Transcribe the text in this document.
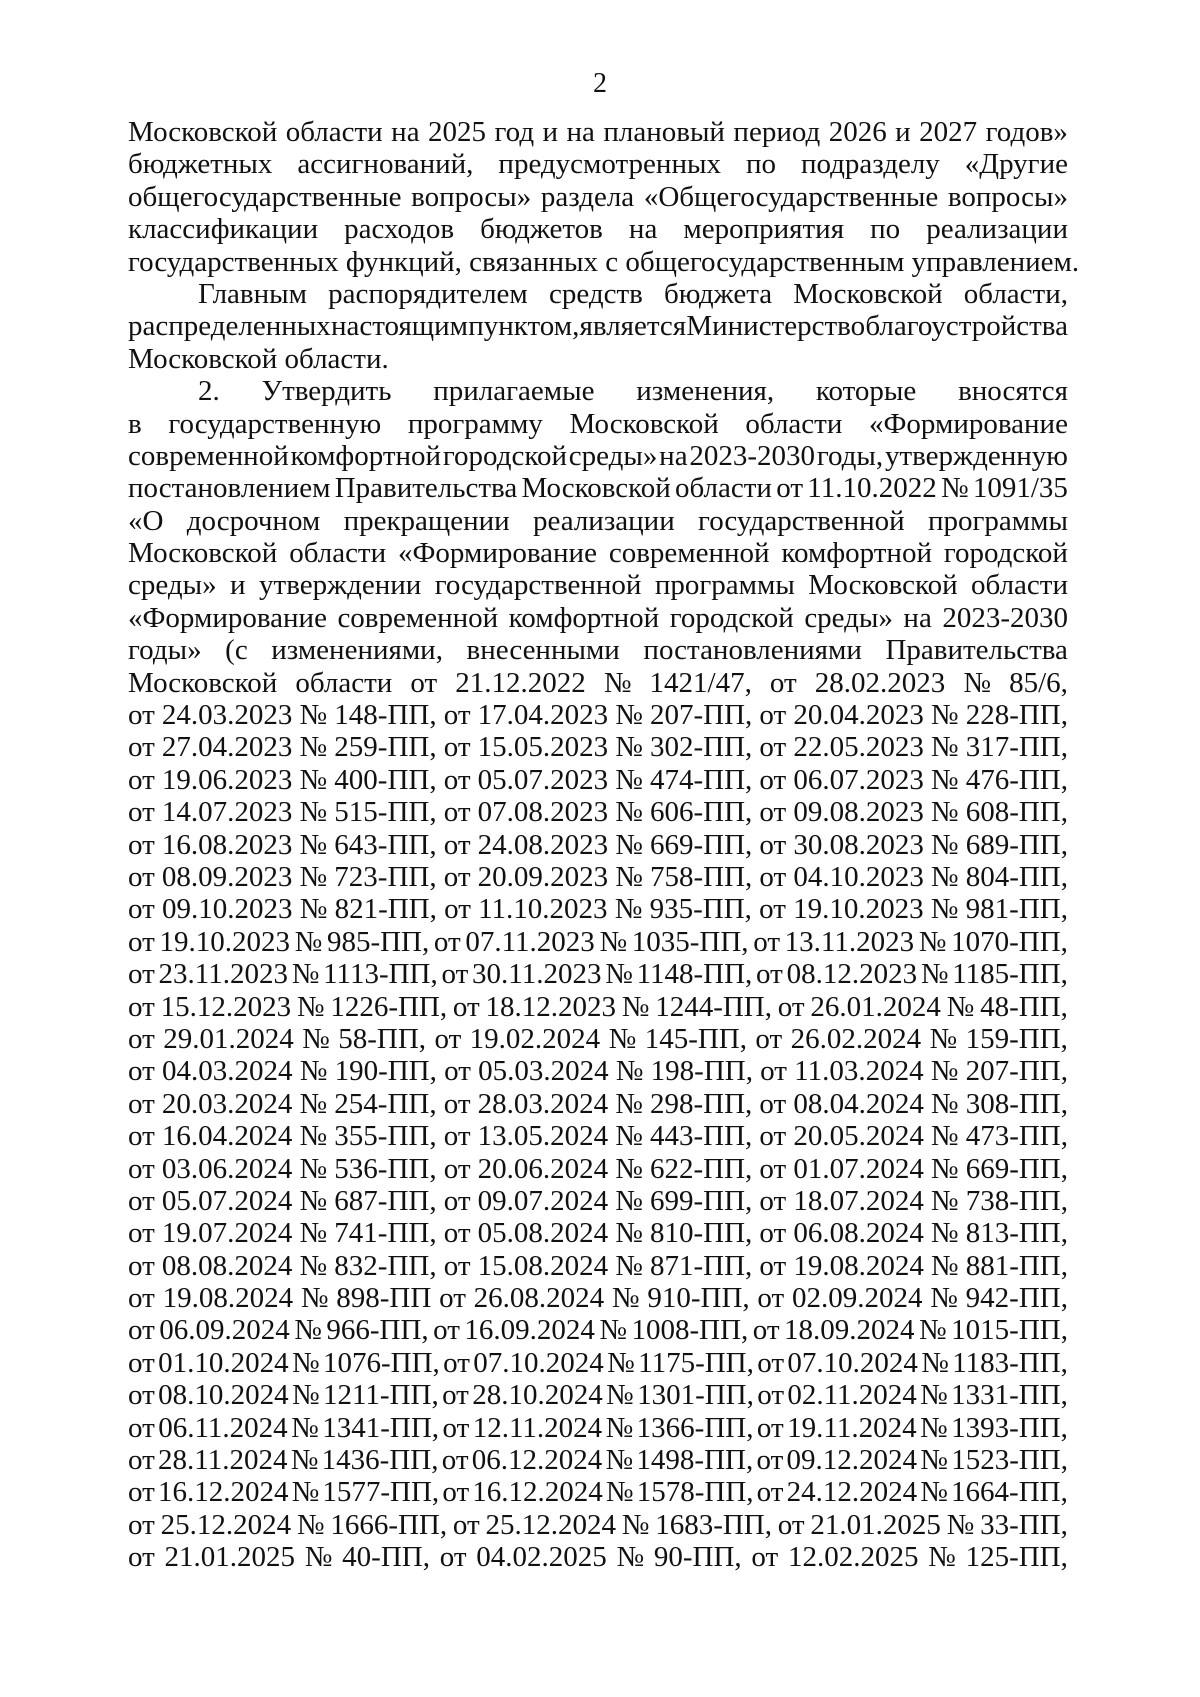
2
Московской области на 2025 год и на плановый период 2026 и 2027 годов»
бюджетных ассигнований, предусмотренных по подразделу «Другие
общегосударственные вопросы» раздела «Общегосударственные вопросы»
классификации расходов бюджетов на мероприятия по реализации
государственных функций, связанных с общегосударственным управлением.
Главным распорядителем средств бюджета Московской области,
распределенных настоящим пунктом, является Министерство благоустройства
Московской области.
2. Утвердить прилагаемые изменения, которые вносятся
в государственную программу Московской области «Формирование
современной комфортной городской среды» на 2023-2030 годы, утвержденную
постановлением Правительства Московской области от 11.10.2022 № 1091/35
«О досрочном прекращении реализации государственной программы
Московской области «Формирование современной комфортной городской
среды» и утверждении государственной программы Московской области
«Формирование современной комфортной городской среды» на 2023-2030
годы» (с изменениями, внесенными постановлениями Правительства
Московской области от 21.12.2022 № 1421/47, от 28.02.2023 № 85/6,
от 24.03.2023 № 148-ПП, от 17.04.2023 № 207-ПП, от 20.04.2023 № 228-ПП,
от 27.04.2023 № 259-ПП, от 15.05.2023 № 302-ПП, от 22.05.2023 № 317-ПП,
от 19.06.2023 № 400-ПП, от 05.07.2023 № 474-ПП, от 06.07.2023 № 476-ПП,
от 14.07.2023 № 515-ПП, от 07.08.2023 № 606-ПП, от 09.08.2023 № 608-ПП,
от 16.08.2023 № 643-ПП, от 24.08.2023 № 669-ПП, от 30.08.2023 № 689-ПП,
от 08.09.2023 № 723-ПП, от 20.09.2023 № 758-ПП, от 04.10.2023 № 804-ПП,
от 09.10.2023 № 821-ПП, от 11.10.2023 № 935-ПП, от 19.10.2023 № 981-ПП,
от 19.10.2023 № 985-ПП, от 07.11.2023 № 1035-ПП, от 13.11.2023 № 1070-ПП,
от 23.11.2023 № 1113-ПП, от 30.11.2023 № 1148-ПП, от 08.12.2023 № 1185-ПП,
от 15.12.2023 № 1226-ПП, от 18.12.2023 № 1244-ПП, от 26.01.2024 № 48-ПП,
от 29.01.2024 № 58-ПП, от 19.02.2024 № 145-ПП, от 26.02.2024 № 159-ПП,
от 04.03.2024 № 190-ПП, от 05.03.2024 № 198-ПП, от 11.03.2024 № 207-ПП,
от 20.03.2024 № 254-ПП, от 28.03.2024 № 298-ПП, от 08.04.2024 № 308-ПП,
от 16.04.2024 № 355-ПП, от 13.05.2024 № 443-ПП, от 20.05.2024 № 473-ПП,
от 03.06.2024 № 536-ПП, от 20.06.2024 № 622-ПП, от 01.07.2024 № 669-ПП,
от 05.07.2024 № 687-ПП, от 09.07.2024 № 699-ПП, от 18.07.2024 № 738-ПП,
от 19.07.2024 № 741-ПП, от 05.08.2024 № 810-ПП, от 06.08.2024 № 813-ПП,
от 08.08.2024 № 832-ПП, от 15.08.2024 № 871-ПП, от 19.08.2024 № 881-ПП,
от 19.08.2024 № 898-ПП от 26.08.2024 № 910-ПП, от 02.09.2024 № 942-ПП,
от 06.09.2024 № 966-ПП, от 16.09.2024 № 1008-ПП, от 18.09.2024 № 1015-ПП,
от 01.10.2024 № 1076-ПП, от 07.10.2024 № 1175-ПП, от 07.10.2024 № 1183-ПП,
от 08.10.2024 № 1211-ПП, от 28.10.2024 № 1301-ПП, от 02.11.2024 № 1331-ПП,
от 06.11.2024 № 1341-ПП, от 12.11.2024 № 1366-ПП, от 19.11.2024 № 1393-ПП,
от 28.11.2024 № 1436-ПП, от 06.12.2024 № 1498-ПП, от 09.12.2024 № 1523-ПП,
от 16.12.2024 № 1577-ПП, от 16.12.2024 № 1578-ПП, от 24.12.2024 № 1664-ПП,
от 25.12.2024 № 1666-ПП, от 25.12.2024 № 1683-ПП, от 21.01.2025 № 33-ПП,
от 21.01.2025 № 40-ПП, от 04.02.2025 № 90-ПП, от 12.02.2025 № 125-ПП,
